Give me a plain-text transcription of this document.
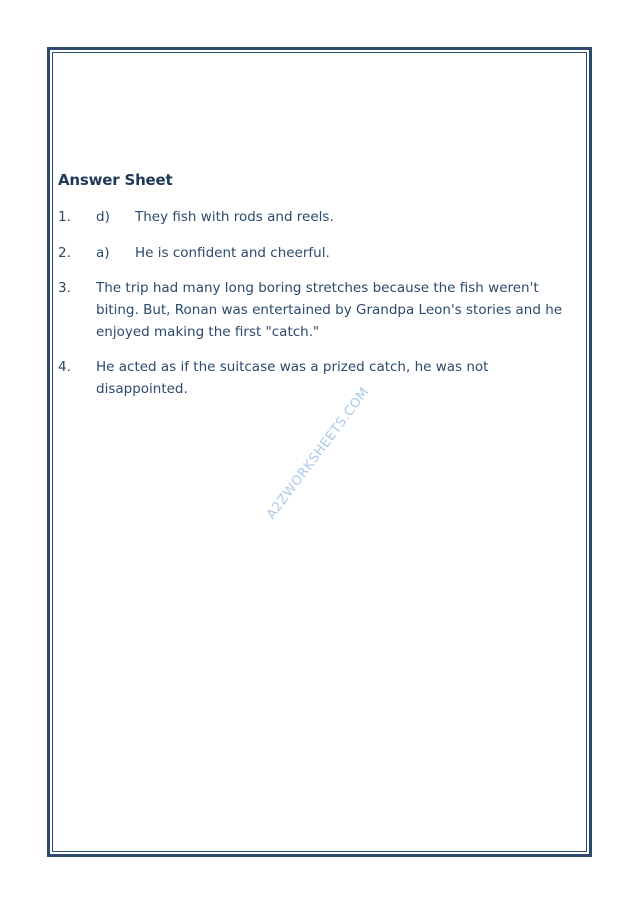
Answer Sheet
1. d) They fish with rods and reels.
2. a) He is confident and cheerful.
3. The trip had many long boring stretches because the fish weren't biting. But, Ronan was entertained by Grandpa Leon's stories and he enjoyed making the first "catch."
4. He acted as if the suitcase was a prized catch, he was not disappointed.	A2ZWORKSHEETS.COM
